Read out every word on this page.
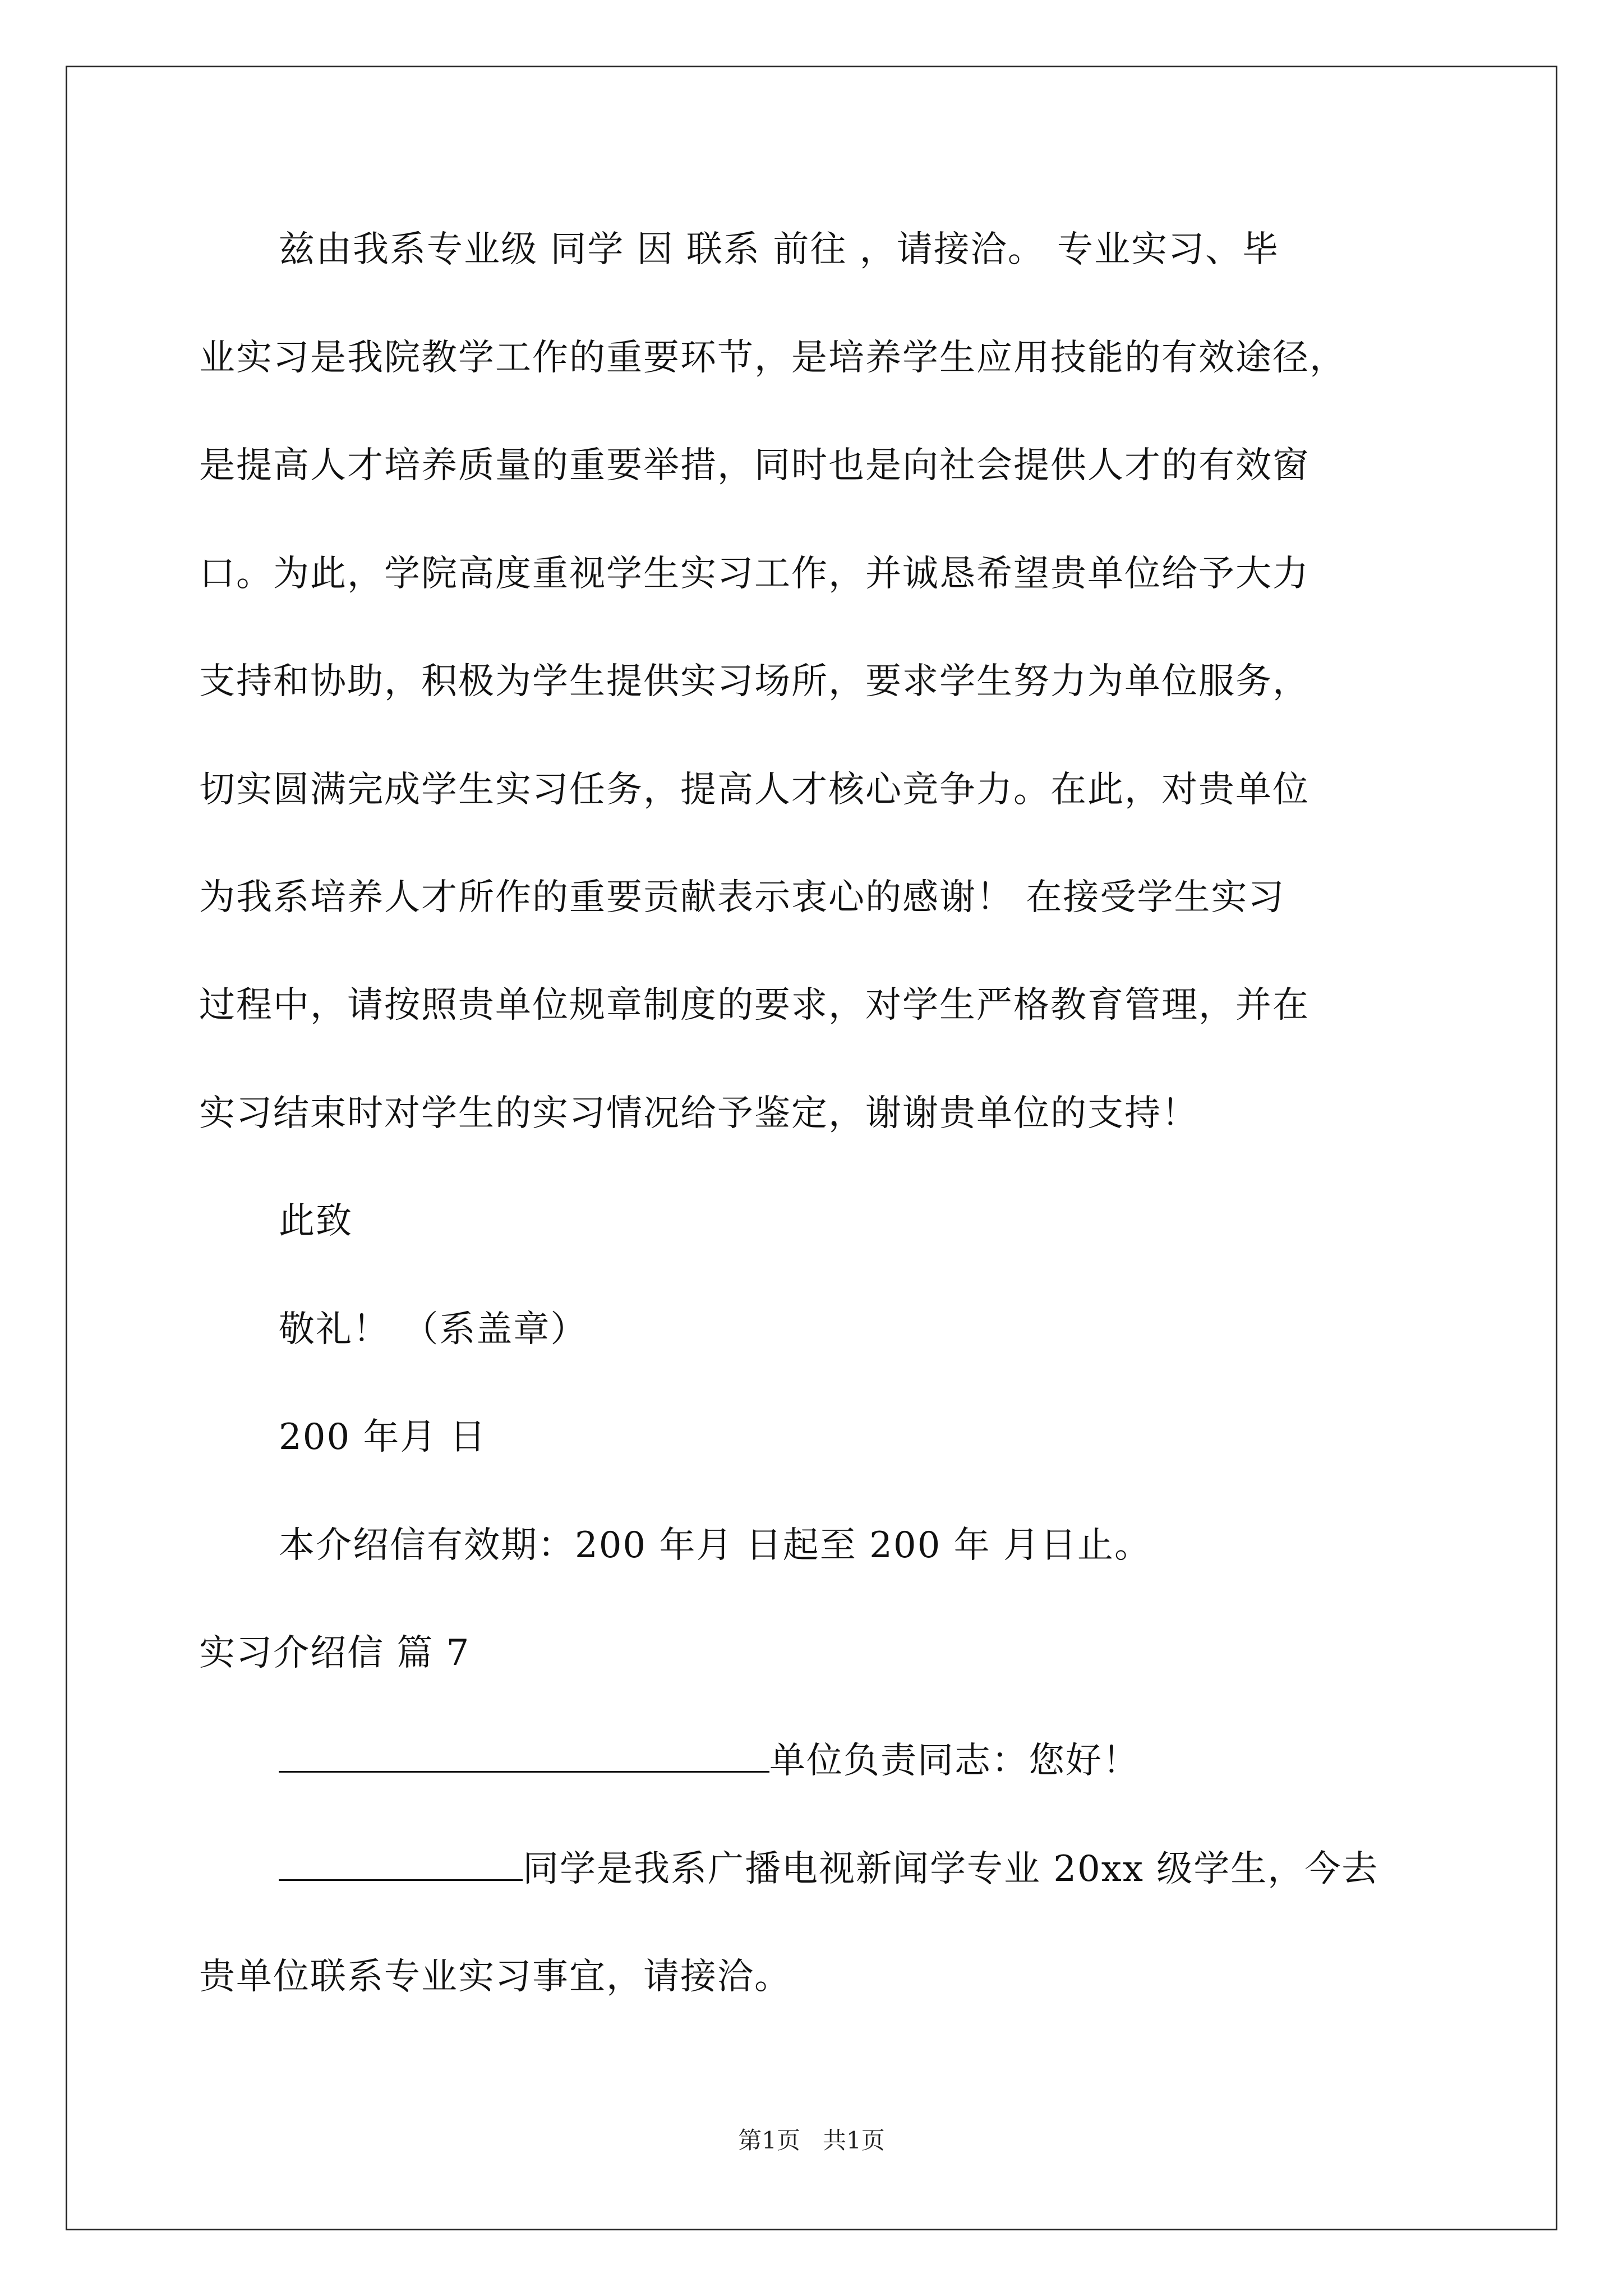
兹由我系专业级 同学 因 联系 前往 ，请接洽。 专业实习、毕
业实习是我院教学工作的重要环节，是培养学生应用技能的有效途径，
是提高人才培养质量的重要举措，同时也是向社会提供人才的有效窗
口。为此，学院高度重视学生实习工作，并诚恳希望贵单位给予大力
支持和协助，积极为学生提供实习场所，要求学生努力为单位服务，
切实圆满完成学生实习任务，提高人才核心竞争力。在此，对贵单位
为我系培养人才所作的重要贡献表示衷心的感谢！ 在接受学生实习
过程中，请按照贵单位规章制度的要求，对学生严格教育管理，并在
实习结束时对学生的实习情况给予鉴定，谢谢贵单位的支持！
此致
敬礼！ （系盖章）
200 年月 日
本介绍信有效期：200 年月 日起至 200 年 月日止。
实习介绍信 篇 7
单位负责同志：您好！
同学是我系广播电视新闻学专业 20xx 级学生，今去
贵单位联系专业实习事宜，请接洽。
第1页 共1页
